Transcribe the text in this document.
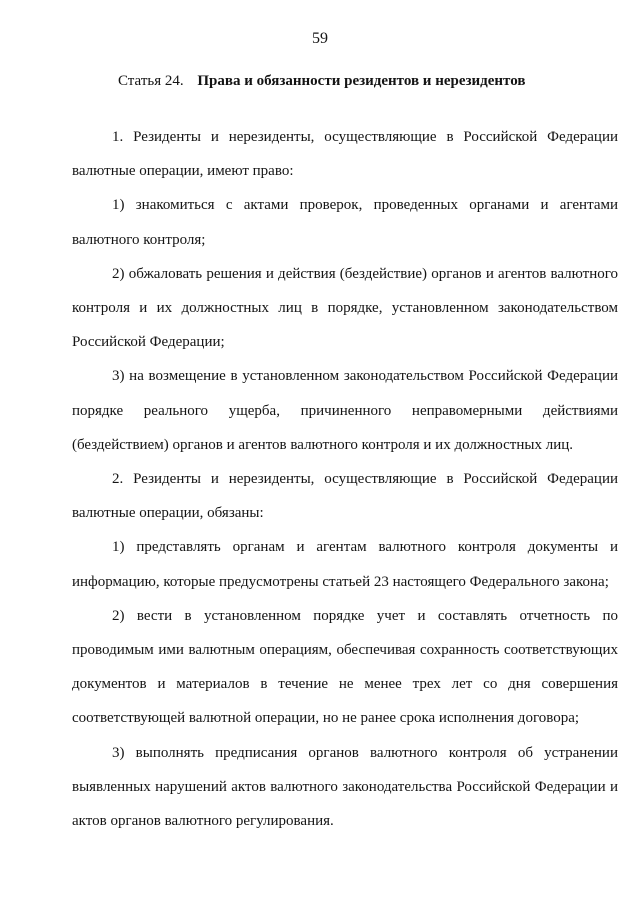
59
Статья 24. Права и обязанности резидентов и нерезидентов

1. Резиденты и нерезиденты, осуществляющие в Российской Федерации валютные операции, имеют право:

1) знакомиться с актами проверок, проведенных органами и агентами валютного контроля;

2) обжаловать решения и действия (бездействие) органов и агентов валютного контроля и их должностных лиц в порядке, установленном законодательством Российской Федерации;

3) на возмещение в установленном законодательством Российской Федерации порядке реального ущерба, причиненного неправомерными действиями (бездействием) органов и агентов валютного контроля и их должностных лиц.

2. Резиденты и нерезиденты, осуществляющие в Российской Федерации валютные операции, обязаны:

1) представлять органам и агентам валютного контроля документы и информацию, которые предусмотрены статьей 23 настоящего Федерального закона;

2) вести в установленном порядке учет и составлять отчетность по проводимым ими валютным операциям, обеспечивая сохранность соответствующих документов и материалов в течение не менее трех лет со дня совершения соответствующей валютной операции, но не ранее срока исполнения договора;

3) выполнять предписания органов валютного контроля об устранении выявленных нарушений актов валютного законодательства Российской Федерации и актов органов валютного регулирования.
